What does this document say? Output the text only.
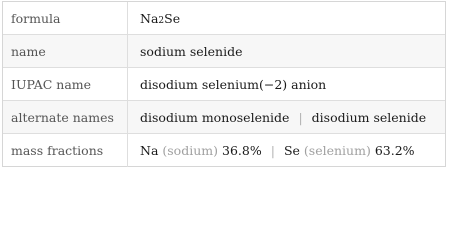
formula	Na 2 Se
name	sodium selenide
IUPAC name	disodium selenium(−2) anion
alternate names	disodium monoselenide | disodium selenide
mass fractions	Na (sodium) 36.8% | Se (selenium) 63.2%
